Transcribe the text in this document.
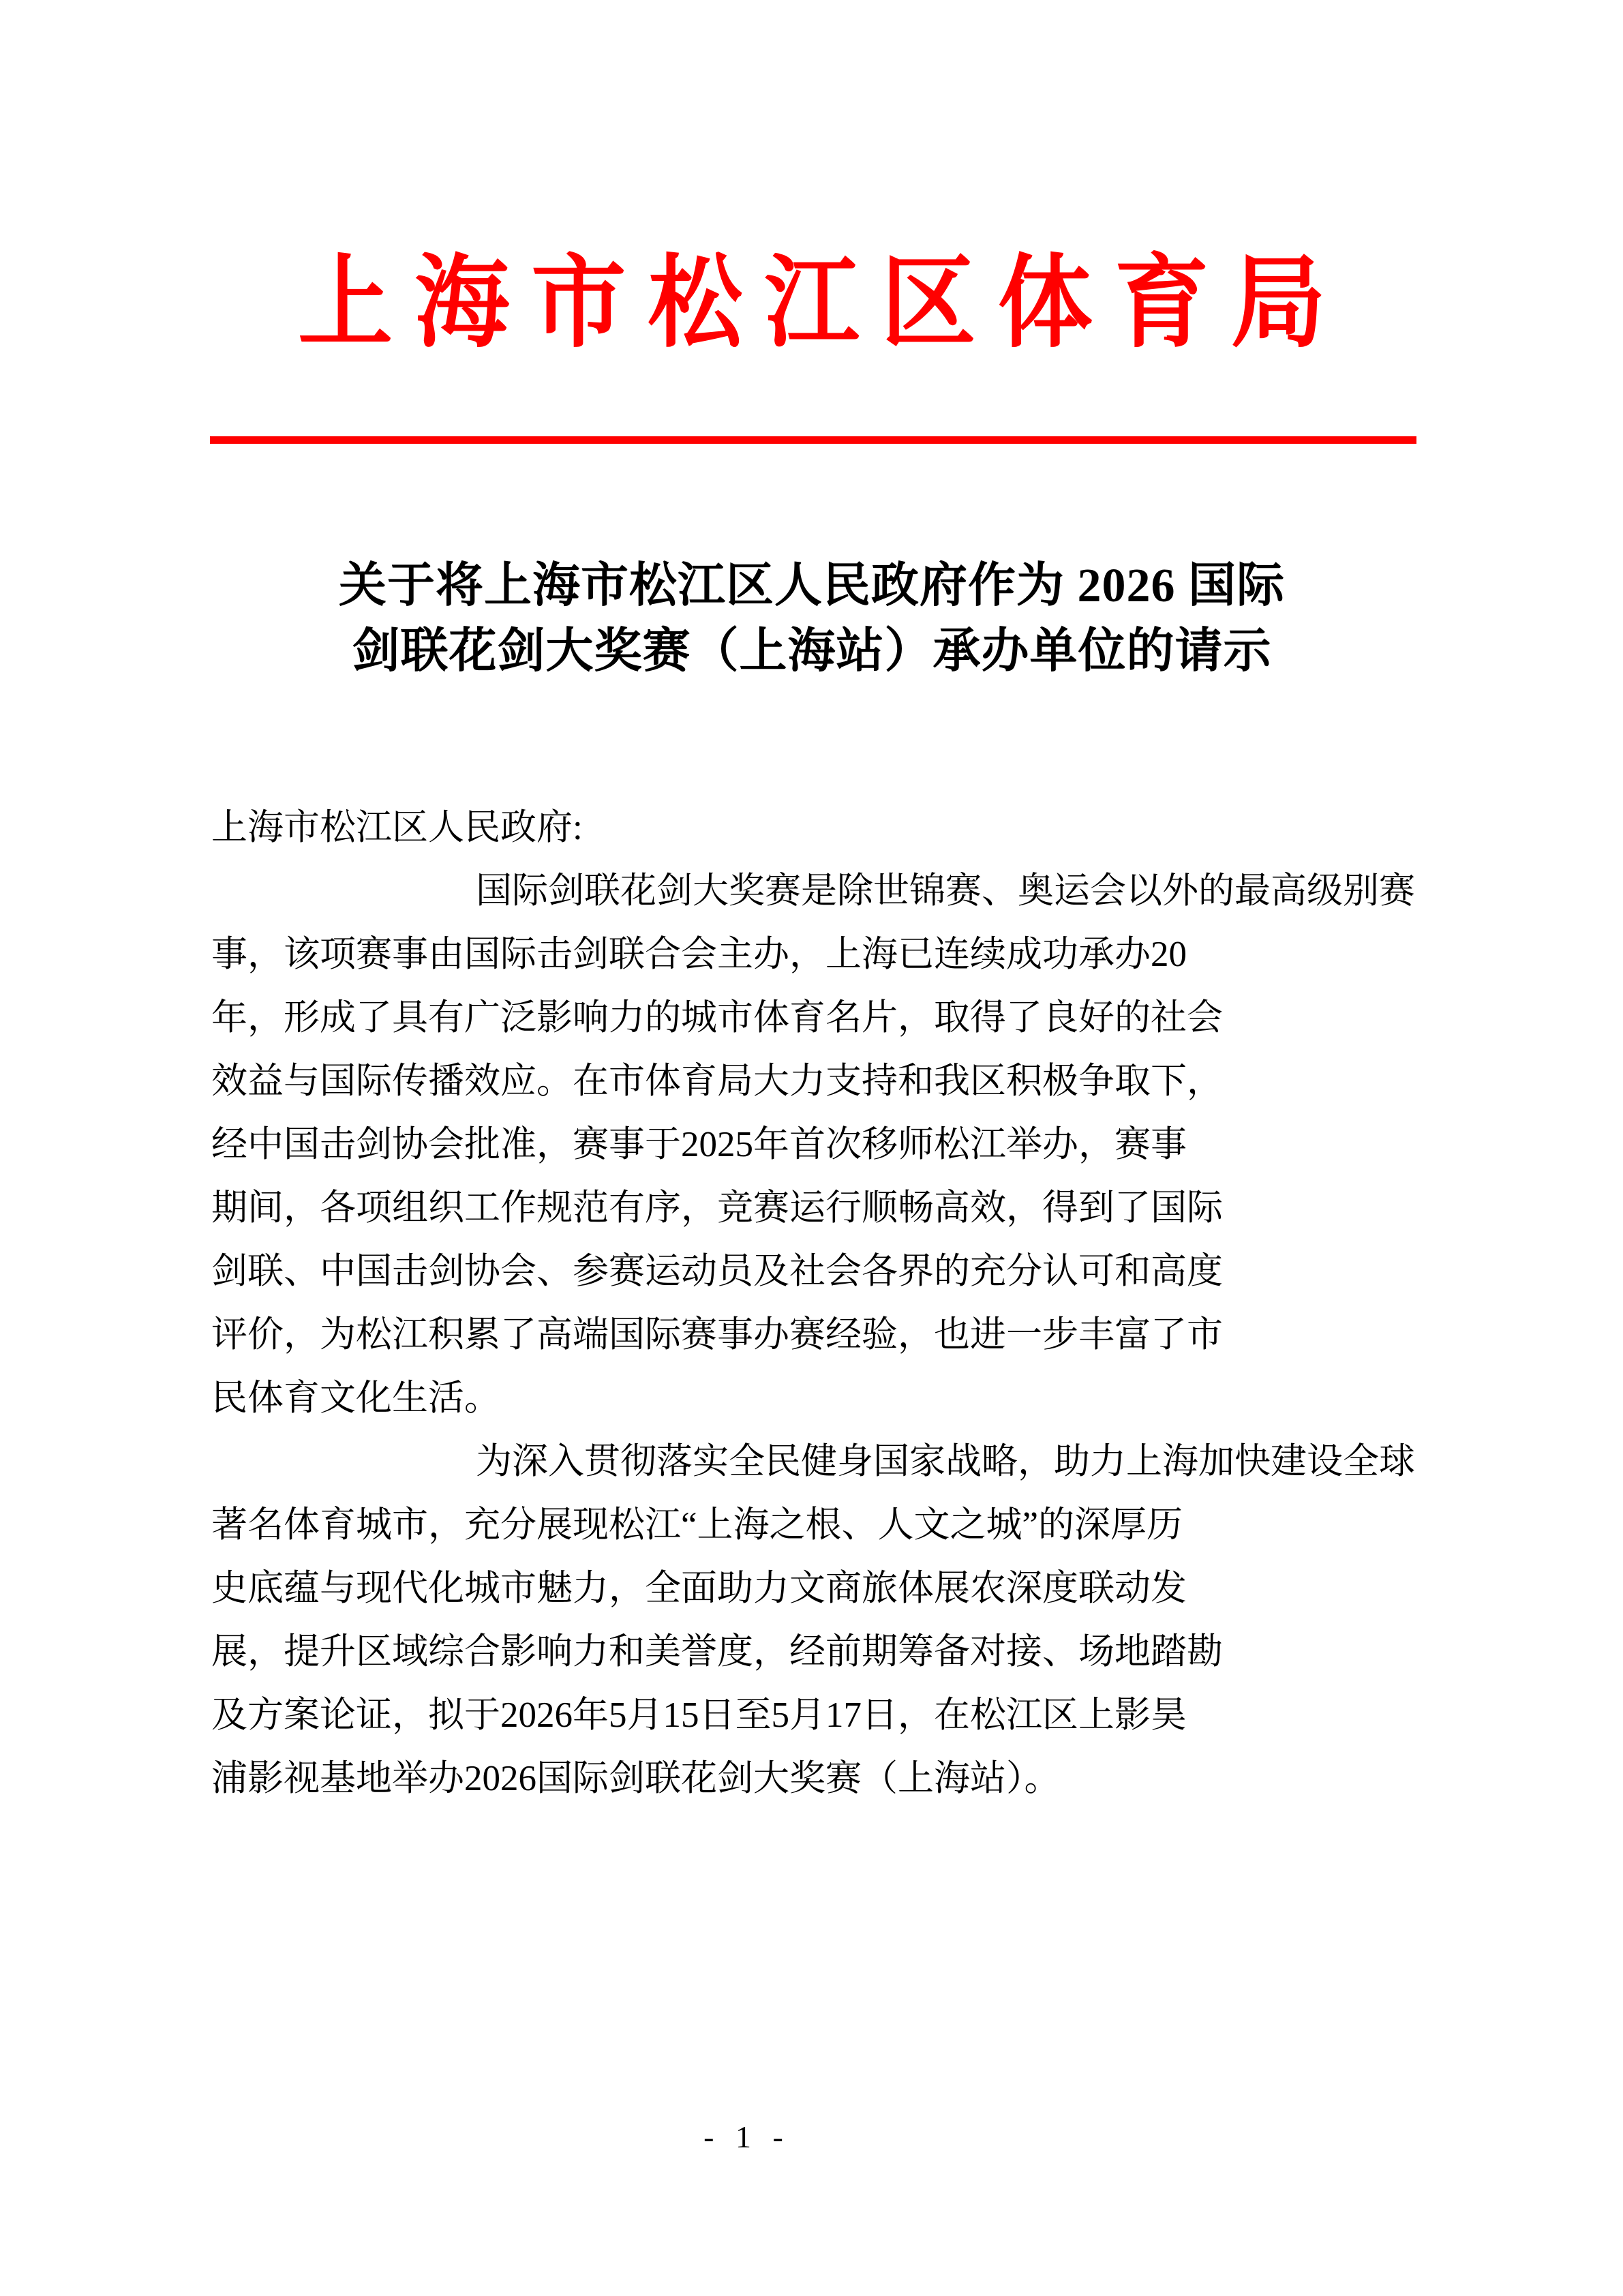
上海市松江区体育局
关于将上海市松江区人民政府作为 2026 国际
剑联花剑大奖赛（上海站）承办单位的请示
上海市松江区人民政府:
国际剑联花剑大奖赛是除世锦赛、奥运会以外的最高级别赛
事，该项赛事由国际击剑联合会主办，上海已连续成功承办20
年，形成了具有广泛影响力的城市体育名片，取得了良好的社会
效益与国际传播效应。在市体育局大力支持和我区积极争取下，
经中国击剑协会批准，赛事于2025年首次移师松江举办，赛事
期间，各项组织工作规范有序，竞赛运行顺畅高效，得到了国际
剑联、中国击剑协会、参赛运动员及社会各界的充分认可和高度
评价，为松江积累了高端国际赛事办赛经验，也进一步丰富了市
民体育文化生活。
为深入贯彻落实全民健身国家战略，助力上海加快建设全球
著名体育城市，充分展现松江“上海之根、人文之城”的深厚历
史底蕴与现代化城市魅力，全面助力文商旅体展农深度联动发
展，提升区域综合影响力和美誉度，经前期筹备对接、场地踏勘
及方案论证，拟于2026年5月15日至5月17日，在松江区上影昊
浦影视基地举办2026国际剑联花剑大奖赛（上海站）。
- 1 -
